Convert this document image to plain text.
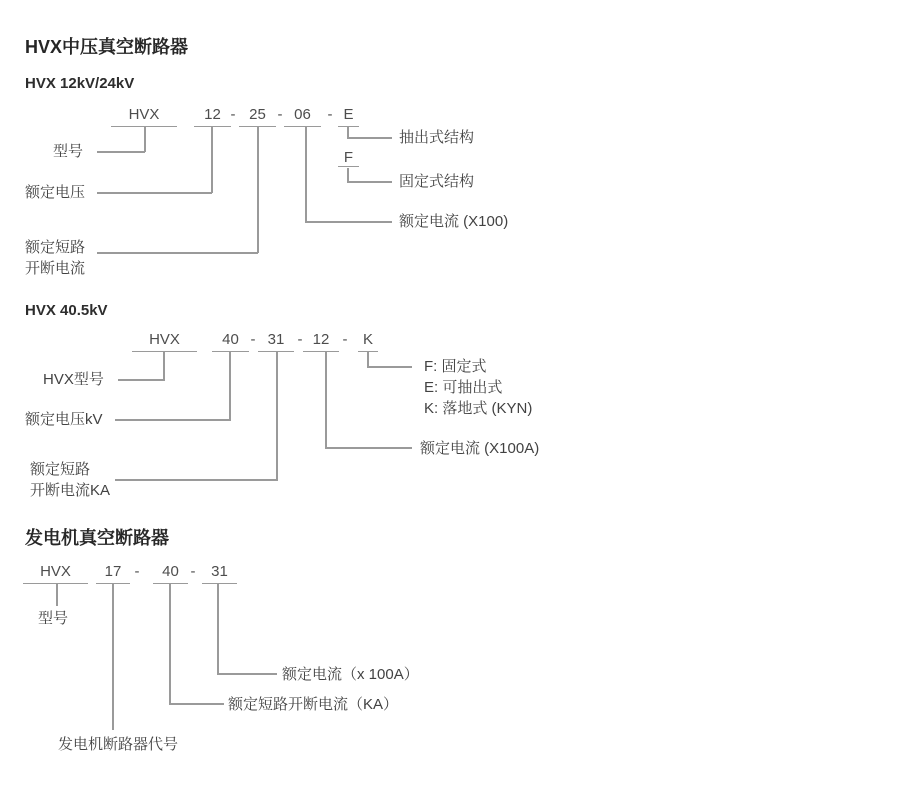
HVX中压真空断路器
HVX 12kV/24kV
HVX	12 - 25 - 06	- E
型号
额定电压
额定短路
开断电流
额定电流 (X100)
抽出式结构
F
固定式结构
HVX 40.5kV
HVX	40 - 31 - 12 -	K
HVX型号
额定电压kV
额定短路
开断电流KA
额定电流 (X100A)
F: 固定式
E: 可抽出式
K: 落地式 (KYN)
发电机真空断路器
HVX	17 -	40 -	31
型号
额定电流（x 100A）
额定短路开断电流（KA）
发电机断路器代号
